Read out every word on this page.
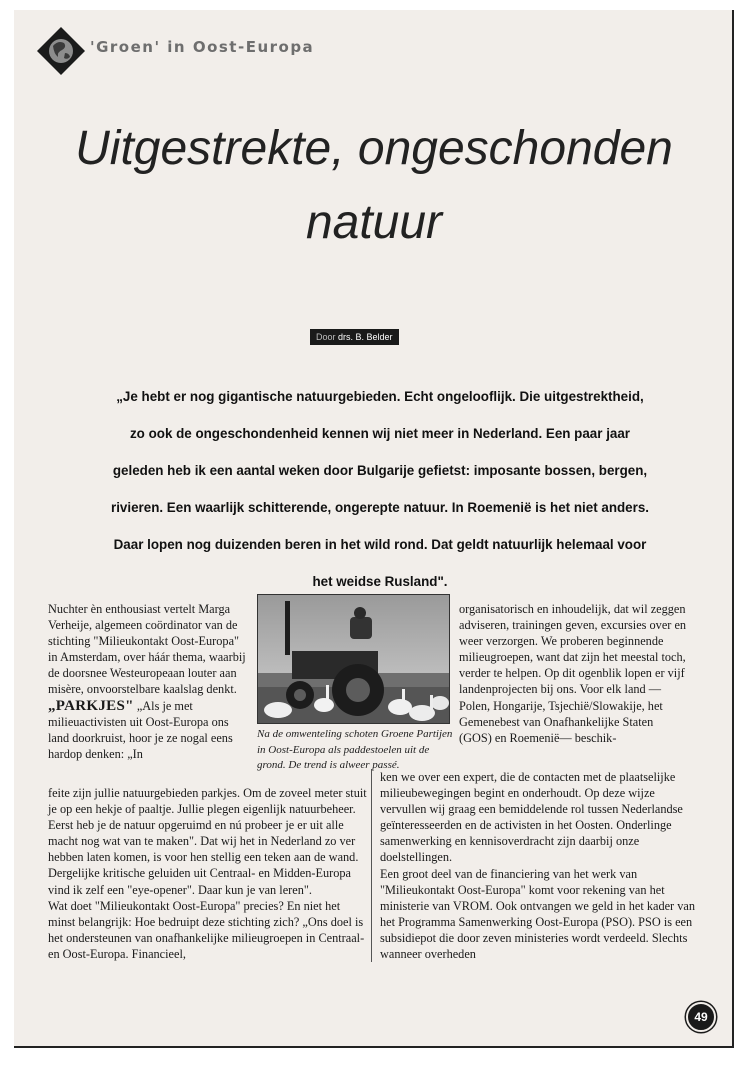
'Groen' in Oost-Europa
Uitgestrekte, ongeschonden
natuur
Door drs. B. Belder

„Je hebt er nog gigantische natuurgebieden. Echt ongelooflijk. Die uitgestrektheid, zo ook de ongeschondenheid kennen wij niet meer in Nederland. Een paar jaar geleden heb ik een aantal weken door Bulgarije gefietst: imposante bossen, bergen, rivieren. Een waarlijk schitterende, ongerepte natuur. In Roemenië is het niet anders. Daar lopen nog duizenden beren in het wild rond. Dat geldt natuurlijk helemaal voor het weidse Rusland".

Nuchter èn enthousiast vertelt Marga Verheije, algemeen coördinator van de stichting "Milieukontakt Oost-Europa" in Amsterdam, over háár thema, waarbij de doorsnee Westeuropeaan louter aan misère, onvoorstelbare kaalslag denkt.

„PARKJES" „Als je met milieuactivisten uit Oost-Europa ons land doorkruist, hoor je ze nogal eens hardop denken: „In

feite zijn jullie natuurgebieden parkjes. Om de zoveel meter stuit je op een hekje of paaltje. Jullie plegen eigenlijk natuurbeheer. Eerst heb je de natuur opgeruimd en nú probeer je er uit alle macht nog wat van te maken". Dat wij het in Nederland zo ver hebben laten komen, is voor hen stellig een teken aan de wand. Dergelijke kritische geluiden uit Centraal- en Midden-Europa vind ik zelf een "eye-opener". Daar kun je van leren".

Wat doet "Milieukontakt Oost-Europa" precies? En niet het minst belangrijk: Hoe bedruipt deze stichting zich? „Ons doel is het ondersteunen van onafhankelijke milieugroepen in Centraal- en Oost-Europa. Financieel,

Na de omwenteling schoten Groene Partijen in Oost-Europa als paddestoelen uit de grond. De trend is alweer passé.

organisatorisch en inhoudelijk, dat wil zeggen adviseren, trainingen geven, excursies over en weer verzorgen. We proberen beginnende milieugroepen, want dat zijn het meestal toch, verder te helpen. Op dit ogenblik lopen er vijf landenprojecten bij ons. Voor elk land —Polen, Hongarije, Tsjechië/Slowakije, het Gemenebest van Onafhankelijke Staten (GOS) en Roemenië— beschik-

ken we over een expert, die de contacten met de plaatselijke milieubewegingen begint en onderhoudt. Op deze wijze vervullen wij graag een bemiddelende rol tussen Nederlandse geïnteresseerden en de activisten in het Oosten. Onderlinge samenwerking en kennisoverdracht zijn daarbij onze doelstellingen.

Een groot deel van de financiering van het werk van "Milieukontakt Oost-Europa" komt voor rekening van het ministerie van VROM. Ook ontvangen we geld in het kader van het Programma Samenwerking Oost-Europa (PSO). PSO is een subsidiepot die door zeven ministeries wordt verdeeld. Slechts wanneer overheden

49
